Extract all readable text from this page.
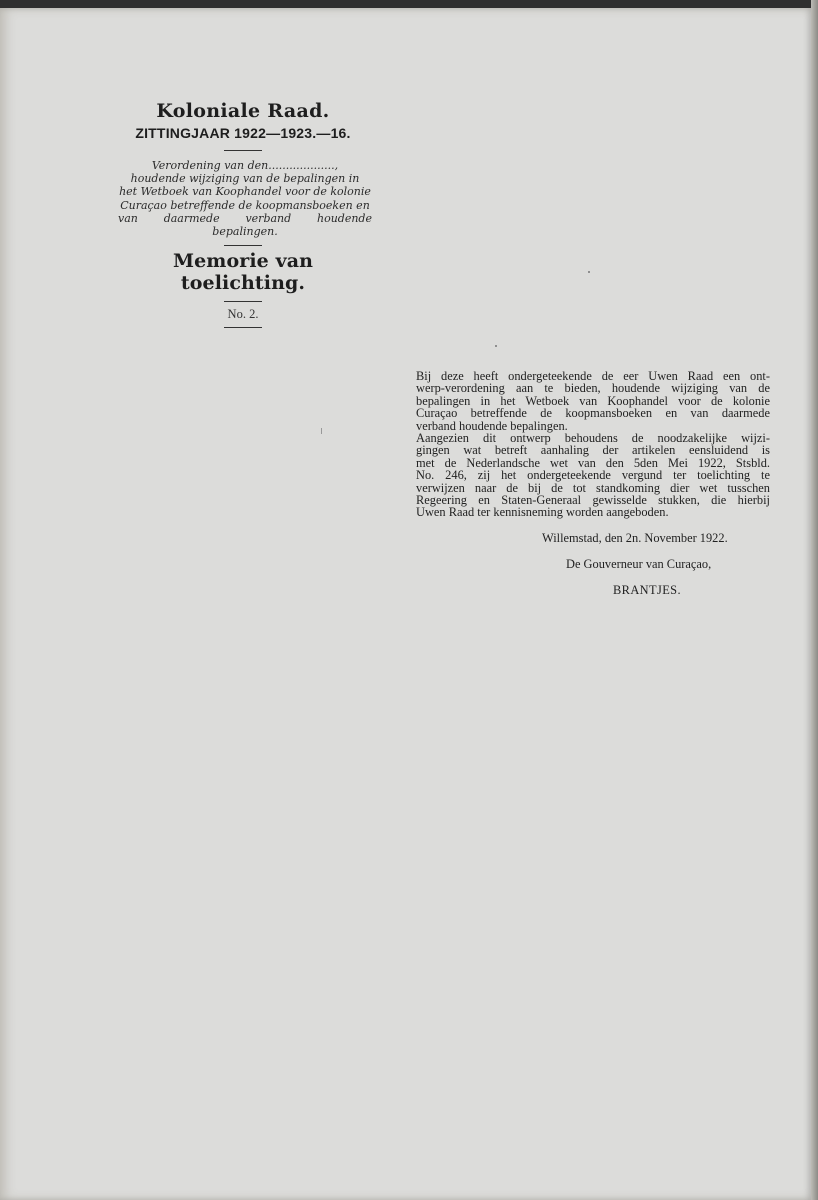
Koloniale Raad.
ZITTINGJAAR 1922—1923.—16.
Verordening van den...................,
houdende wijziging van de bepalingen in
het Wetboek van Koophandel voor de kolonie
Curaçao betreffende de koopmansboeken en
van daarmede verband houdende bepalingen.
Memorie van toelichting.
No. 2.
Bij deze heeft ondergeteekende de eer Uwen Raad een ont-
werp-verordening aan te bieden, houdende wijziging van de
bepalingen in het Wetboek van Koophandel voor de kolonie
Curaçao betreffende de koopmansboeken en van daarmede
verband houdende bepalingen.
Aangezien dit ontwerp behoudens de noodzakelijke wijzi-
gingen wat betreft aanhaling der artikelen eensluidend is
met de Nederlandsche wet van den 5den Mei 1922, Stsbld.
No. 246, zij het ondergeteekende vergund ter toelichting te
verwijzen naar de bij de tot standkoming dier wet tusschen
Regeering en Staten-Generaal gewisselde stukken, die hierbij
Uwen Raad ter kennisneming worden aangeboden.
Willemstad, den 2n. November 1922.
De Gouverneur van Curaçao,
BRANTJES.
